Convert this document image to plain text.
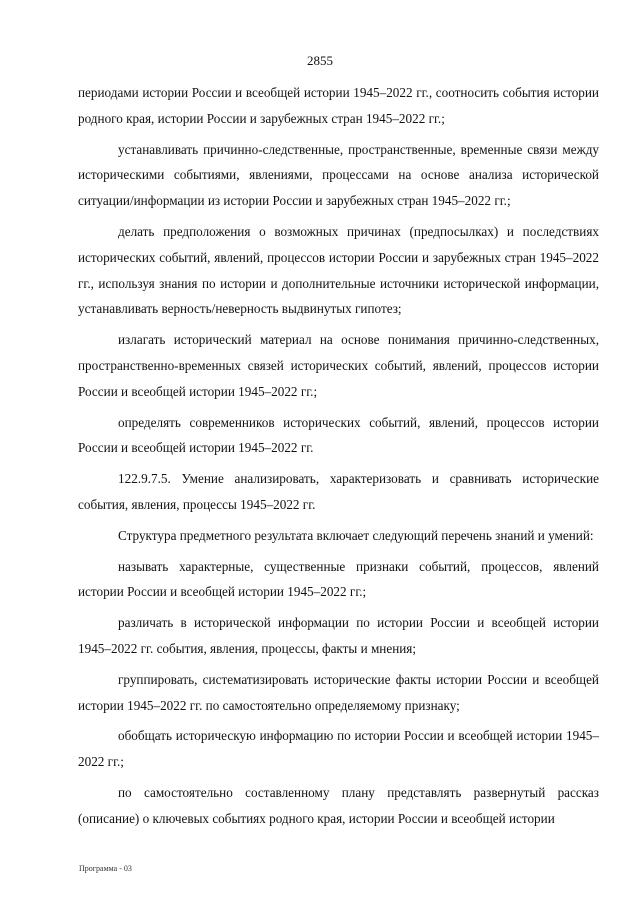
2855

периодами истории России и всеобщей истории 1945–2022 гг., соотносить события истории родного края, истории России и зарубежных стран 1945–2022 гг.;

устанавливать причинно-следственные, пространственные, временные связи между историческими событиями, явлениями, процессами на основе анализа исторической ситуации/информации из истории России и зарубежных стран 1945–2022 гг.;

делать предположения о возможных причинах (предпосылках) и последствиях исторических событий, явлений, процессов истории России и зарубежных стран 1945–2022 гг., используя знания по истории и дополнительные источники исторической информации, устанавливать верность/неверность выдвинутых гипотез;

излагать исторический материал на основе понимания причинно-следственных, пространственно-временных связей исторических событий, явлений, процессов истории России и всеобщей истории 1945–2022 гг.;

определять современников исторических событий, явлений, процессов истории России и всеобщей истории 1945–2022 гг.

122.9.7.5. Умение анализировать, характеризовать и сравнивать исторические события, явления, процессы 1945–2022 гг.

Структура предметного результата включает следующий перечень знаний и умений:

называть характерные, существенные признаки событий, процессов, явлений истории России и всеобщей истории 1945–2022 гг.;

различать в исторической информации по истории России и всеобщей истории 1945–2022 гг. события, явления, процессы, факты и мнения;

группировать, систематизировать исторические факты истории России и всеобщей истории 1945–2022 гг. по самостоятельно определяемому признаку;

обобщать историческую информацию по истории России и всеобщей истории 1945–2022 гг.;

по самостоятельно составленному плану представлять развернутый рассказ (описание) о ключевых событиях родного края, истории России и всеобщей истории

Программа - 03
